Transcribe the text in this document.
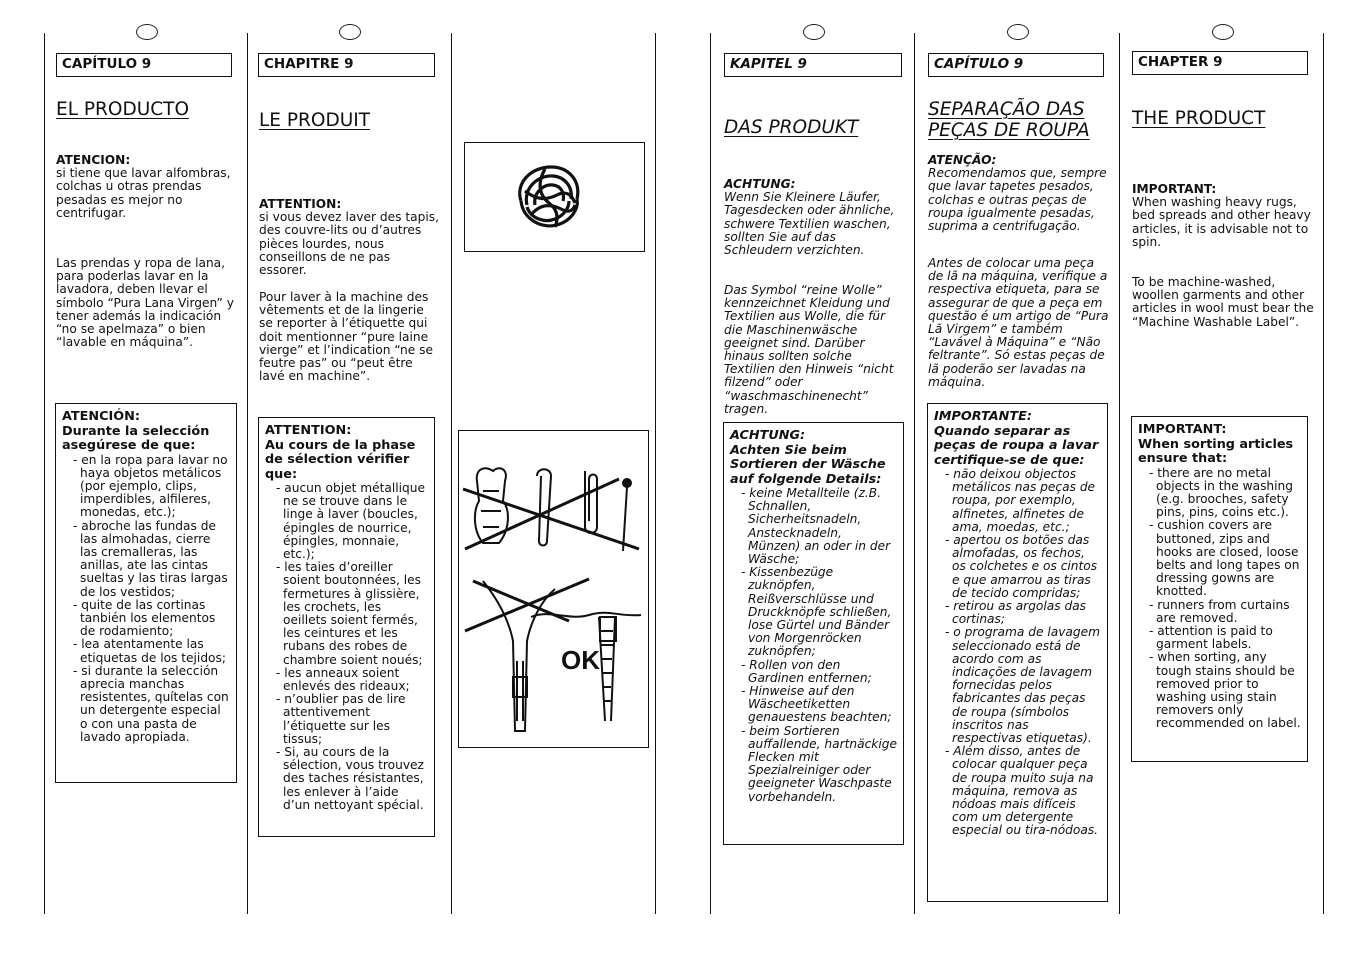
CAPÍTULO 9
EL PRODUCTO
ATENCION:
si tiene que lavar alfombras, colchas u otras prendas pesadas es mejor no centrifugar.
Las prendas y ropa de lana, para poderlas lavar en la lavadora, deben llevar el símbolo “Pura Lana Virgen” y tener además la indicación “no se apelmaza” o bien “lavable en máquina”.
ATENCIÓN:
Durante la selección asegúrese de que:
- en la ropa para lavar no haya objetos metálicos (por ejemplo, clips, imperdibles, alfileres, monedas, etc.);
- abroche las fundas de las almohadas, cierre las cremalleras, las anillas, ate las cintas sueltas y las tiras largas de los vestidos;
- quite de las cortinas tanbién los elementos de rodamiento;
- lea atentamente las etiquetas de los tejidos;
- si durante la selección aprecia manchas resistentes, quítelas con un detergente especial o con una pasta de lavado apropiada.
CHAPITRE 9
LE PRODUIT
ATTENTION:
si vous devez laver des tapis, des couvre-lits ou d’autres pièces lourdes, nous conseillons de ne pas essorer.
Pour laver à la machine des vêtements et de la lingerie se reporter à l’étiquette qui doit mentionner “pure laine vierge” et l’indication “ne se feutre pas” ou “peut être lavé en machine”.
ATTENTION:
Au cours de la phase de sélection vérifier que:
- aucun objet métallique ne se trouve dans le linge à laver (boucles, épingles de nourrice, épingles, monnaie, etc.);
- les taies d’oreiller soient boutonnées, les fermetures à glissière, les crochets, les oeillets soient fermés, les ceintures et les rubans des robes de chambre soient noués;
- les anneaux soient enlevés des rideaux;
- n’oublier pas de lire attentivement l’étiquette sur les tissus;
- Si, au cours de la sélection, vous trouvez des taches résistantes, les enlever à l’aide d’un nettoyant spécial.
OK
KAPITEL 9
DAS PRODUKT
ACHTUNG:
Wenn Sie Kleinere Läufer, Tagesdecken oder ähnliche, schwere Textilien waschen, sollten Sie auf das Schleudern verzichten.
Das Symbol “reine Wolle” kennzeichnet Kleidung und Textilien aus Wolle, die für die Maschinenwäsche geeignet sind. Darüber hinaus sollten solche Textilien den Hinweis “nicht filzend” oder “waschmaschinenecht” tragen.
ACHTUNG:
Achten Sie beim Sortieren der Wäsche auf folgende Details:
- keine Metallteile (z.B. Schnallen, Sicherheitsnadeln, Anstecknadeln, Münzen) an oder in der Wäsche;
- Kissenbezüge zuknöpfen, Reißverschlüsse und Druckknöpfe schließen, lose Gürtel und Bänder von Morgenröcken zuknöpfen;
- Rollen von den Gardinen entfernen;
- Hinweise auf den Wäscheetiketten genauestens beachten;
- beim Sortieren auffallende, hartnäckige Flecken mit Spezialreiniger oder geeigneter Waschpaste vorbehandeln.
CAPÍTULO 9
SEPARAÇÃO DAS PEÇAS DE ROUPA
ATENÇÃO:
Recomendamos que, sempre que lavar tapetes pesados, colchas e outras peças de roupa igualmente pesadas, suprima a centrifugação.
Antes de colocar uma peça de lã na máquina, verifique a respectiva etiqueta, para se assegurar de que a peça em questão é um artigo de “Pura Lã Virgem” e também “Lavável à Máquina” e “Não feltrante”. Só estas peças de lã poderão ser lavadas na máquina.
IMPORTANTE:
Quando separar as peças de roupa a lavar certifique-se de que:
- não deixou objectos metálicos nas peças de roupa, por exemplo, alfinetes, alfinetes de ama, moedas, etc.;
- apertou os botões das almofadas, os fechos, os colchetes e os cintos e que amarrou as tiras de tecido compridas;
- retirou as argolas das cortinas;
- o programa de lavagem seleccionado está de acordo com as indicações de lavagem fornecidas pelos fabricantes das peças de roupa (símbolos inscritos nas respectivas etiquetas).
- Além disso, antes de colocar qualquer peça de roupa muito suja na máquina, remova as nódoas mais difíceis com um detergente especial ou tira-nódoas.
CHAPTER 9
THE PRODUCT
IMPORTANT:
When washing heavy rugs, bed spreads and other heavy articles, it is advisable not to spin.
To be machine-washed, woollen garments and other articles in wool must bear the “Machine Washable Label”.
IMPORTANT:
When sorting articles ensure that:
- there are no metal objects in the washing (e.g. brooches, safety pins, pins, coins etc.).
- cushion covers are buttoned, zips and hooks are closed, loose belts and long tapes on dressing gowns are knotted.
- runners from curtains are removed.
- attention is paid to garment labels.
- when sorting, any tough stains should be removed prior to washing using stain removers only recommended on label.
